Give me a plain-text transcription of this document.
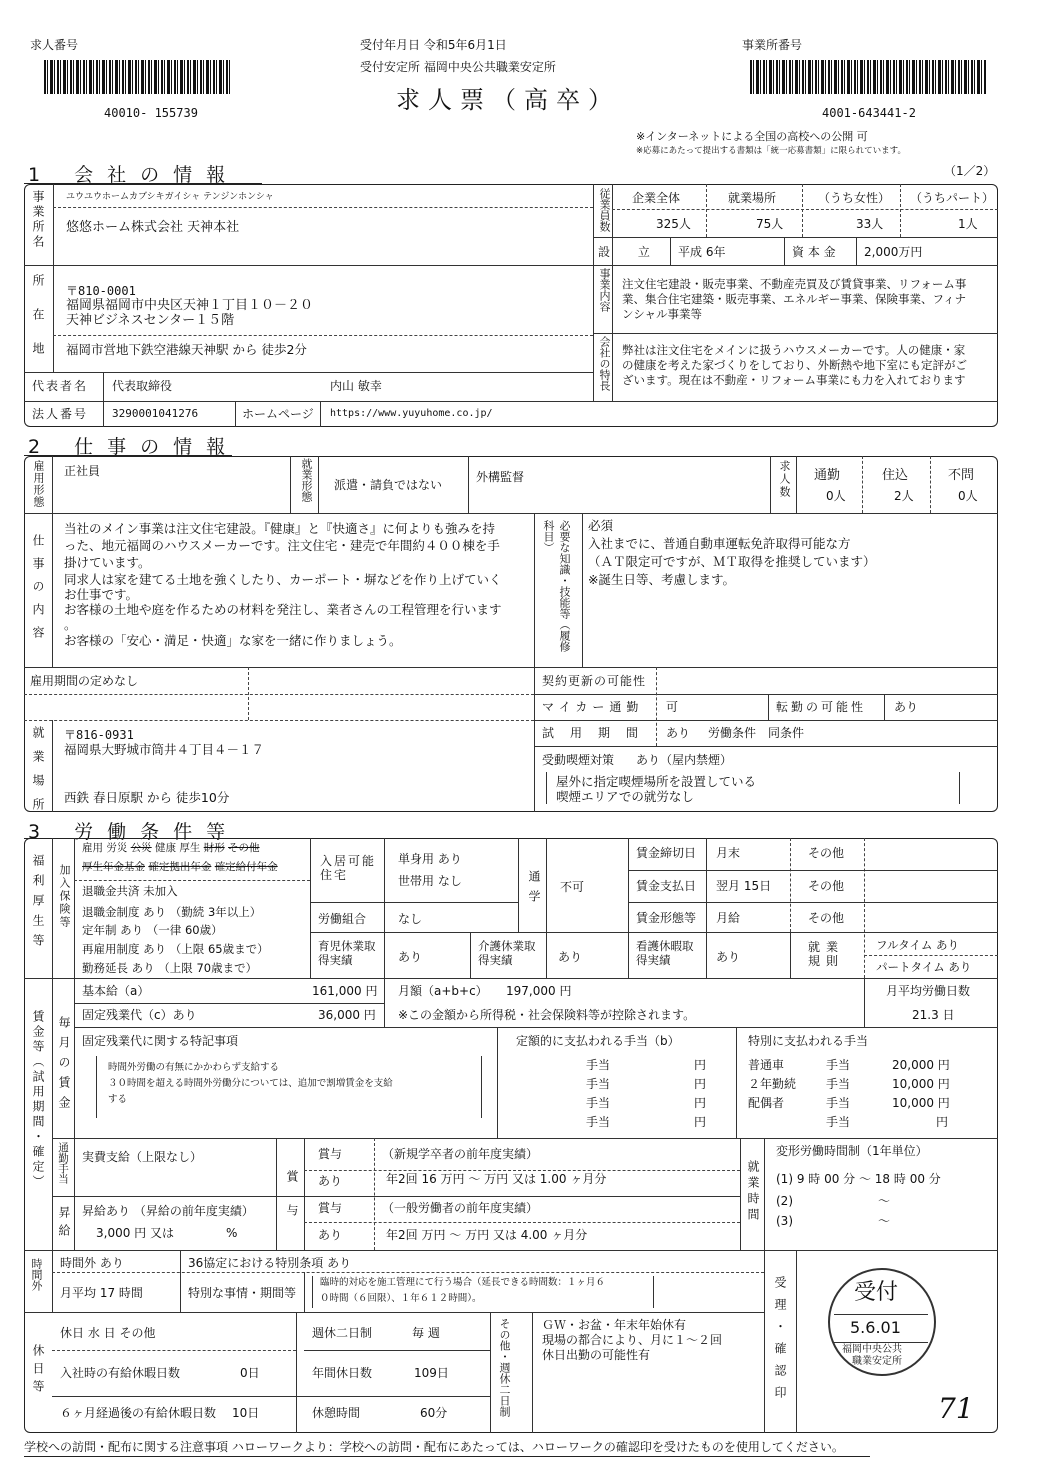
求人番号
40010- 155739
受付年月日 令和5年6月1日
受付安定所 福岡中央公共職業安定所
求人票（高卒）
事業所番号
4001-643441-2
※インターネットによる全国の高校への公開 可
※応募にあたって提出する書類は「統一応募書類」に限られています。
1 会社の情報	（1／2）
事業所名 ユウユウホームカブシキガイシャ テンジンホンシャ
悠悠ホーム株式会社 天神本社
所在地 〒810-0001
福岡県福岡市中央区天神１丁目１０－２０
天神ビジネスセンター１５階
福岡市営地下鉄空港線天神駅 から 徒歩2分
代表者名 代表取締役	内山 敏幸
法人番号 3290001041276	ホームページ https://www.yuyuhome.co.jp/
従業員数 企業全体	就業場所	（うち女性） （うちパート）
325人	75人	33人	1人
設 立 平成 6年	資 本 金 2,000万円
事業内容 注文住宅建設・販売事業、不動産売買及び賃貸事業、リフォーム事
業、集合住宅建築・販売事業、エネルギー事業、保険事業、フィナ
ンシャル事業等
会社の特長 弊社は注文住宅をメインに扱うハウスメーカーです。人の健康・家
の健康を考えた家づくりをしており、外断熱や地下室にも定評がご
ざいます。現在は不動産・リフォーム事業にも力を入れております
2 仕事の情報
雇用形態 正社員	就業形態 派遣・請負ではない
外構監督	求人数 通勤	住込	不問
0人	2人	0人
仕事の内容
当社のメイン事業は注文住宅建設。『健康』と『快適さ』に何よりも強みを持
った、地元福岡のハウスメーカーです。注文住宅・建売で年間約４００棟を手
掛けています。
同求人は家を建てる土地を強くしたり、カーポート・塀などを作り上げていく
お仕事です。
お客様の土地や庭を作るための材料を発注し、業者さんの工程管理を行います
。
お客様の「安心・満足・快適」な家を一緒に作りましょう。	必要な知識・技能等（履修科目）	必須
入社までに、普通自動車運転免許取得可能な方
（ＡＴ限定可ですが、ＭＴ取得を推奨しています）
※誕生日等、考慮します。
雇用期間の定めなし	契約更新の可能性
マイカー通勤 可	転勤の可能性 あり
試用期間 あり 労働条件 同条件
就業場所 〒816-0931
福岡県大野城市筒井４丁目４－１７
西鉄 春日原駅 から 徒歩10分
受動喫煙対策 あり（屋内禁煙）
屋外に指定喫煙場所を設置している
喫煙エリアでの就労なし
3 労働条件等
福利厚生等 加入保険等
雇用 労災 公災 健康 厚生 財形 その他
厚生年金基金 確定拠出年金 確定給付年金
退職金共済 未加入
退職金制度 あり （勤続 3年以上）
定年制 あり （一律 60歳）
再雇用制度 あり （上限 65歳まで）
勤務延長 あり （上限 70歳まで）
入居可能住宅
単身用 あり
世帯用 なし	通学 不可
労働組合	なし
育児休業取得実績	あり
介護休業取得実績	あり
看護休暇取得実績	あり
賃金締切日 月末	その他
賃金支払日 翌月 15日	その他
賃金形態等 月給	その他
就業規則
フルタイム あり
パートタイム あり
賃金等（試用期間・確定） 毎月の賃金
基本給（a）	161,000 円 月額（a+b+c） 197,000 円
固定残業代（c）あり	36,000 円 ※この金額から所得税・社会保険料等が控除されます。
月平均労働日数
21.3 日
固定残業代に関する特記事項
時間外労働の有無にかかわらず支給する
３０時間を超える時間外労働分については、追加で割増賃金を支給
する
定額的に支払われる手当（b）
手当	円
手当	円
手当	円
手当	円
特別に支払われる手当
普通車	手当	20,000 円
２年勤続 手当	10,000 円
配偶者	手当	10,000 円
手当	円
通勤手当 実費支給（上限なし）
昇給 昇給あり （昇給の前年度実績）
3,000 円 又は	%	賞与
賞与
あり
（新規学卒者の前年度実績）
年2回 16 万円 ～ 万円 又は 1.00 ヶ月分
賞与
あり
（一般労働者の前年度実績）
年2回 万円 ～ 万円 又は 4.00 ヶ月分
就業時間
変形労働時間制（1年単位）
(1) 9 時 00 分 ～ 18 時 00 分
(2)	～
(3)	～
時間外 時間外 あり	36協定における特別条項 あり
月平均 17 時間	特別な事情・期間等
臨時的対応を施工管理にて行う場合（延長できる時間数：１ヶ月６
０時間（６回限）、１年６１２時間）。
休日等
休日 水 日 その他	週休二日制	毎 週	その他・週休二日制	ＧＷ・お盆・年末年始休有
現場の都合により、月に１～２回
休日出勤の可能性有
入社時の有給休暇日数	0日	年間休日数	109日
６ヶ月経過後の有給休暇日数 10日	休憩時間	60分
受理・確認印	受付
5.6.01
福岡中央公共
職業安定所
71
学校への訪問・配布に関する注意事項 ハローワークより：学校への訪問・配布にあたっては、ハローワークの確認印を受けたものを使用してください。
